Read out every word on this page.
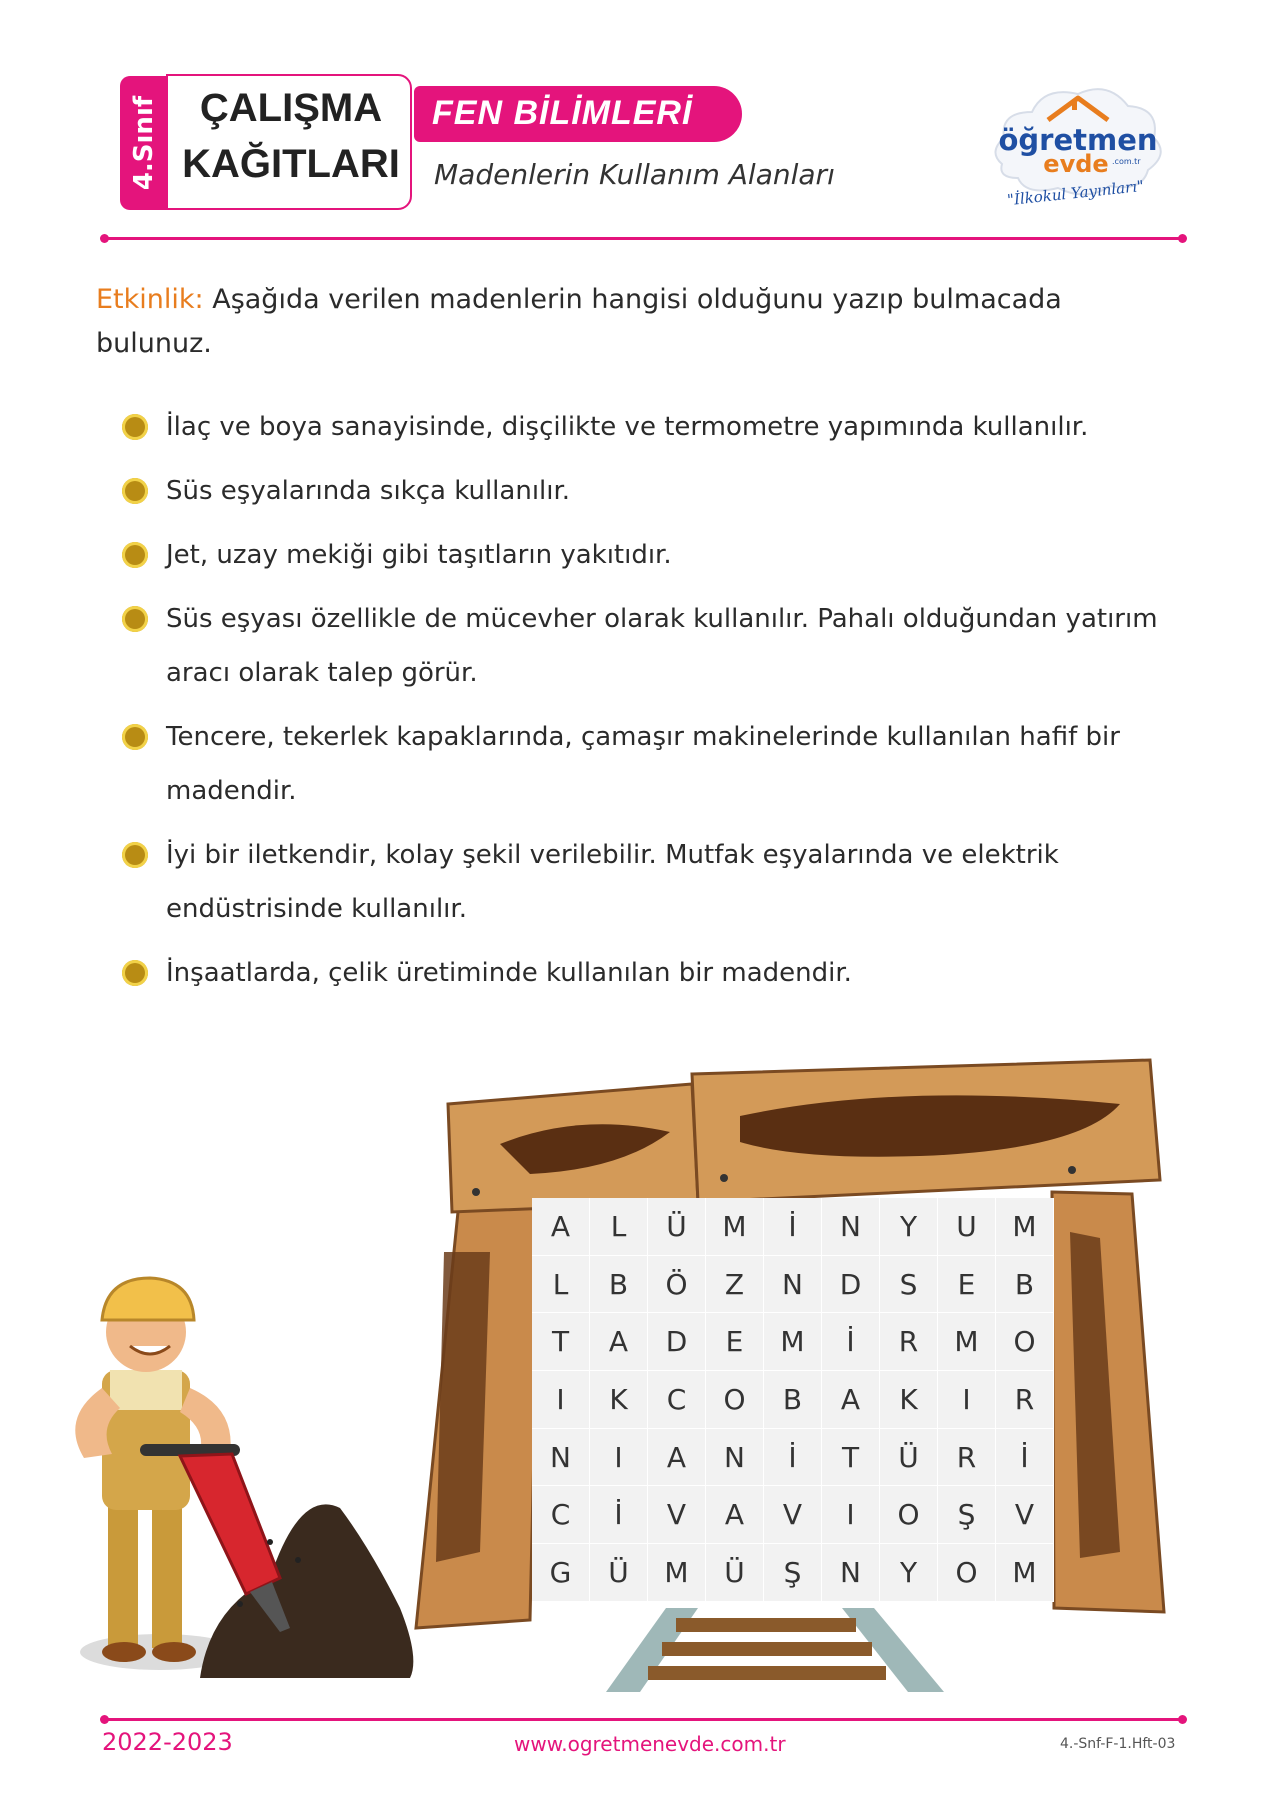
4.Sınıf	ÇALIŞMA
KAĞITLARI
FEN BİLİMLERİ
Madenlerin Kullanım Alanları
öğretmen
evde .com.tr
"İlkokul Yayınları"
Etkinlik: Aşağıda verilen madenlerin hangisi olduğunu yazıp bulmacada bulunuz.
İlaç ve boya sanayisinde, dişçilikte ve termometre yapımında kullanılır.
Süs eşyalarında sıkça kullanılır.
Jet, uzay mekiği gibi taşıtların yakıtıdır.
Süs eşyası özellikle de mücevher olarak kullanılır. Pahalı olduğundan yatırım aracı olarak talep görür.
Tencere, tekerlek kapaklarında, çamaşır makinelerinde kullanılan hafif bir madendir.
İyi bir iletkendir, kolay şekil verilebilir. Mutfak eşyalarında ve elektrik endüstrisinde kullanılır.
İnşaatlarda, çelik üretiminde kullanılan bir madendir.
A	L	Ü	M	İ	N	Y	U	M
L	B	Ö	Z	N	D	S	E	B
T	A	D	E	M	İ	R	M	O
I	K	C	O	B	A	K	I	R
N	I	A	N	İ	T	Ü	R	İ
C	İ	V	A	V	I	O	Ş	V
G	Ü	M	Ü	Ş	N	Y	O	M
2022-2023	www.ogretmenevde.com.tr	4.-Snf-F-1.Hft-03
